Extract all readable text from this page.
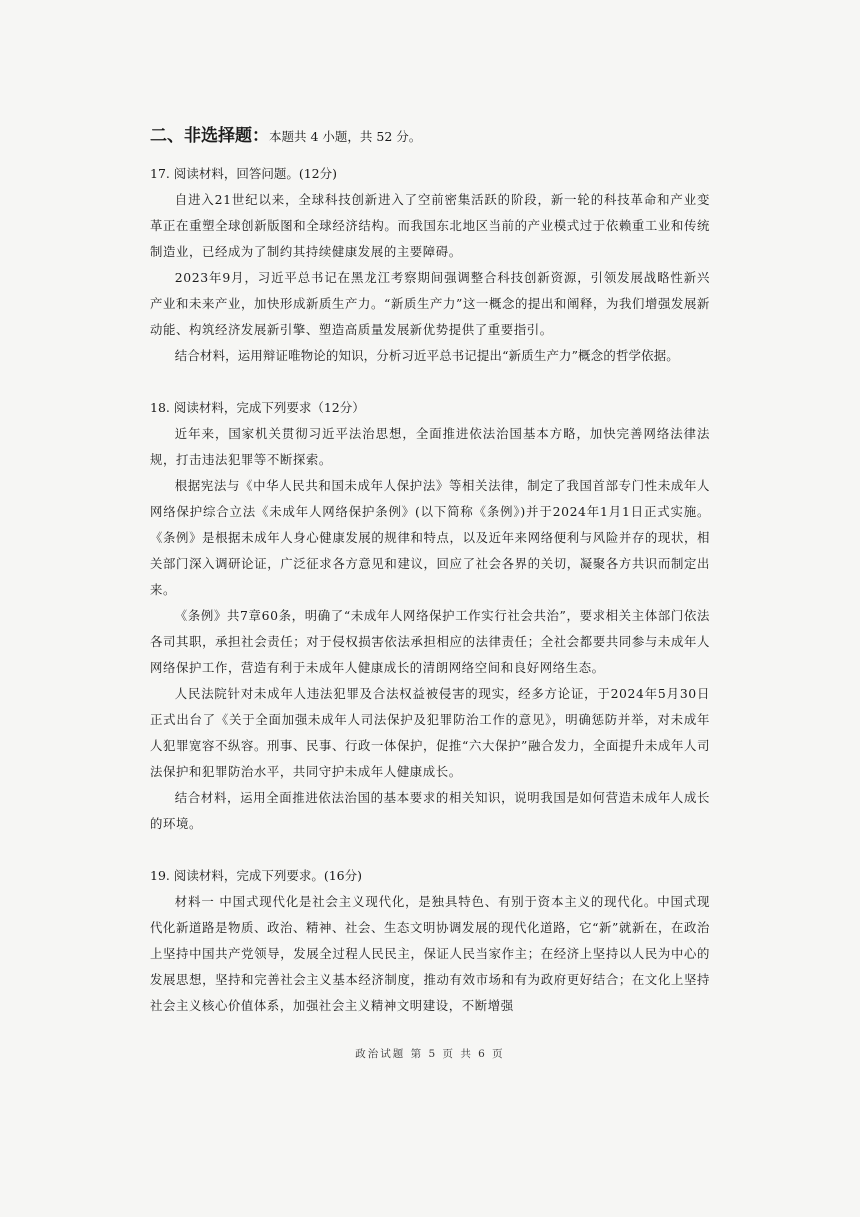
二、非选择题：本题共 4 小题，共 52 分。

17. 阅读材料，回答问题。(12分)

自进入21世纪以来，全球科技创新进入了空前密集活跃的阶段，新一轮的科技革命和产业变革正在重塑全球创新版图和全球经济结构。而我国东北地区当前的产业模式过于依赖重工业和传统制造业，已经成为了制约其持续健康发展的主要障碍。

2023年9月，习近平总书记在黑龙江考察期间强调整合科技创新资源，引领发展战略性新兴产业和未来产业，加快形成新质生产力。“新质生产力”这一概念的提出和阐释，为我们增强发展新动能、构筑经济发展新引擎、塑造高质量发展新优势提供了重要指引。

结合材料，运用辩证唯物论的知识，分析习近平总书记提出“新质生产力”概念的哲学依据。

18. 阅读材料，完成下列要求（12分）

近年来，国家机关贯彻习近平法治思想，全面推进依法治国基本方略，加快完善网络法律法规，打击违法犯罪等不断探索。

根据宪法与《中华人民共和国未成年人保护法》等相关法律，制定了我国首部专门性未成年人网络保护综合立法《未成年人网络保护条例》(以下简称《条例》)并于2024年1月1日正式实施。《条例》是根据未成年人身心健康发展的规律和特点，以及近年来网络便利与风险并存的现状，相关部门深入调研论证，广泛征求各方意见和建议，回应了社会各界的关切，凝聚各方共识而制定出来。

《条例》共7章60条，明确了“未成年人网络保护工作实行社会共治”，要求相关主体部门依法各司其职，承担社会责任；对于侵权损害依法承担相应的法律责任；全社会都要共同参与未成年人网络保护工作，营造有利于未成年人健康成长的清朗网络空间和良好网络生态。

人民法院针对未成年人违法犯罪及合法权益被侵害的现实，经多方论证，于2024年5月30日正式出台了《关于全面加强未成年人司法保护及犯罪防治工作的意见》，明确惩防并举，对未成年人犯罪宽容不纵容。刑事、民事、行政一体保护，促推“六大保护”融合发力，全面提升未成年人司法保护和犯罪防治水平，共同守护未成年人健康成长。

结合材料，运用全面推进依法治国的基本要求的相关知识，说明我国是如何营造未成年人成长的环境。

19. 阅读材料，完成下列要求。(16分)

材料一 中国式现代化是社会主义现代化，是独具特色、有别于资本主义的现代化。中国式现代化新道路是物质、政治、精神、社会、生态文明协调发展的现代化道路，它“新”就新在，在政治上坚持中国共产党领导，发展全过程人民民主，保证人民当家作主；在经济上坚持以人民为中心的发展思想，坚持和完善社会主义基本经济制度，推动有效市场和有为政府更好结合；在文化上坚持社会主义核心价值体系，加强社会主义精神文明建设，不断增强

政治试题 第 5 页 共 6 页
